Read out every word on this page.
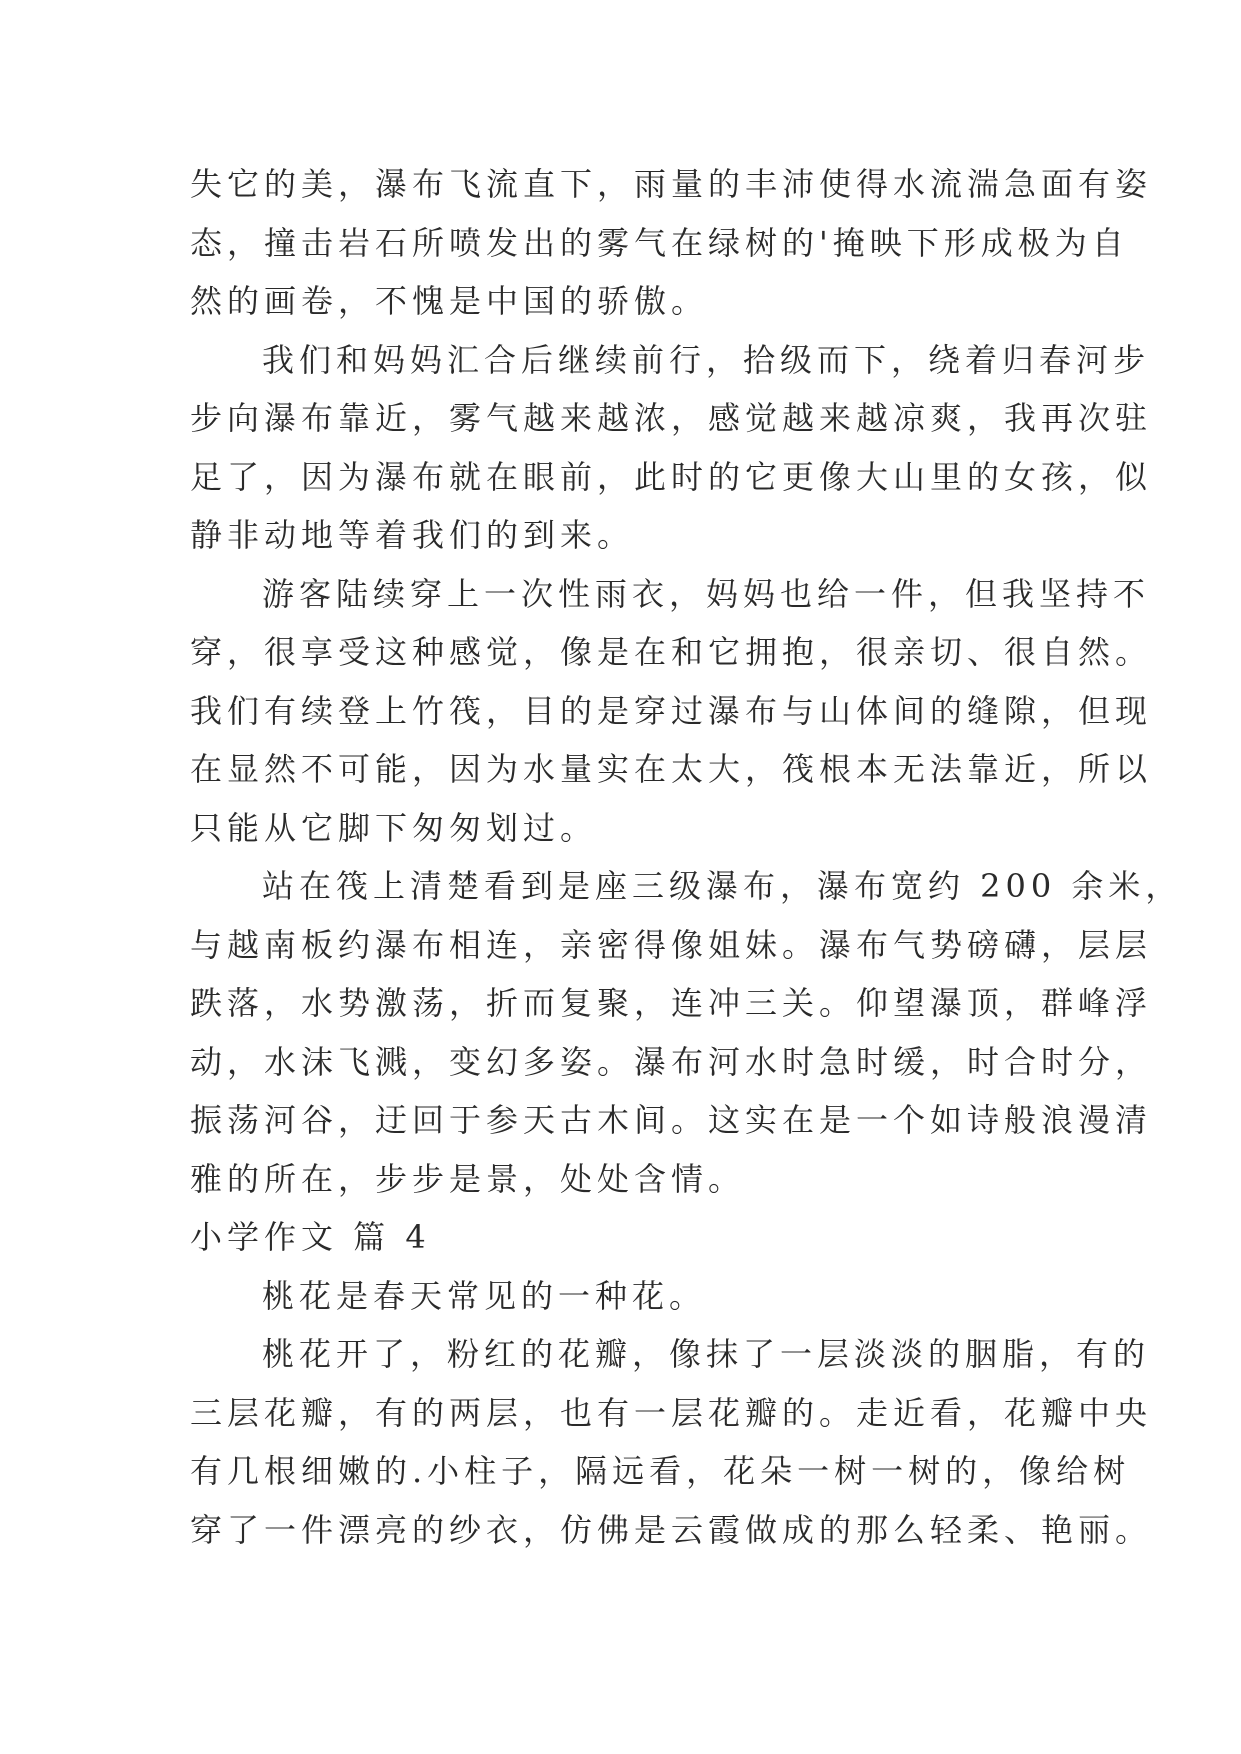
失它的美，瀑布飞流直下，雨量的丰沛使得水流湍急面有姿
态，撞击岩石所喷发出的雾气在绿树的'掩映下形成极为自
然的画卷，不愧是中国的骄傲。
我们和妈妈汇合后继续前行，拾级而下，绕着归春河步
步向瀑布靠近，雾气越来越浓，感觉越来越凉爽，我再次驻
足了，因为瀑布就在眼前，此时的它更像大山里的女孩，似
静非动地等着我们的到来。
游客陆续穿上一次性雨衣，妈妈也给一件，但我坚持不
穿，很享受这种感觉，像是在和它拥抱，很亲切、很自然。
我们有续登上竹筏，目的是穿过瀑布与山体间的缝隙，但现
在显然不可能，因为水量实在太大，筏根本无法靠近，所以
只能从它脚下匆匆划过。
站在筏上清楚看到是座三级瀑布，瀑布宽约 200 余米，
与越南板约瀑布相连，亲密得像姐妹。瀑布气势磅礴，层层
跌落，水势激荡，折而复聚，连冲三关。仰望瀑顶，群峰浮
动，水沫飞溅，变幻多姿。瀑布河水时急时缓，时合时分，
振荡河谷，迂回于参天古木间。这实在是一个如诗般浪漫清
雅的所在，步步是景，处处含情。
小学作文 篇 4
桃花是春天常见的一种花。
桃花开了，粉红的花瓣，像抹了一层淡淡的胭脂，有的
三层花瓣，有的两层，也有一层花瓣的。走近看，花瓣中央
有几根细嫩的.小柱子，隔远看，花朵一树一树的，像给树
穿了一件漂亮的纱衣，仿佛是云霞做成的那么轻柔、艳丽。
